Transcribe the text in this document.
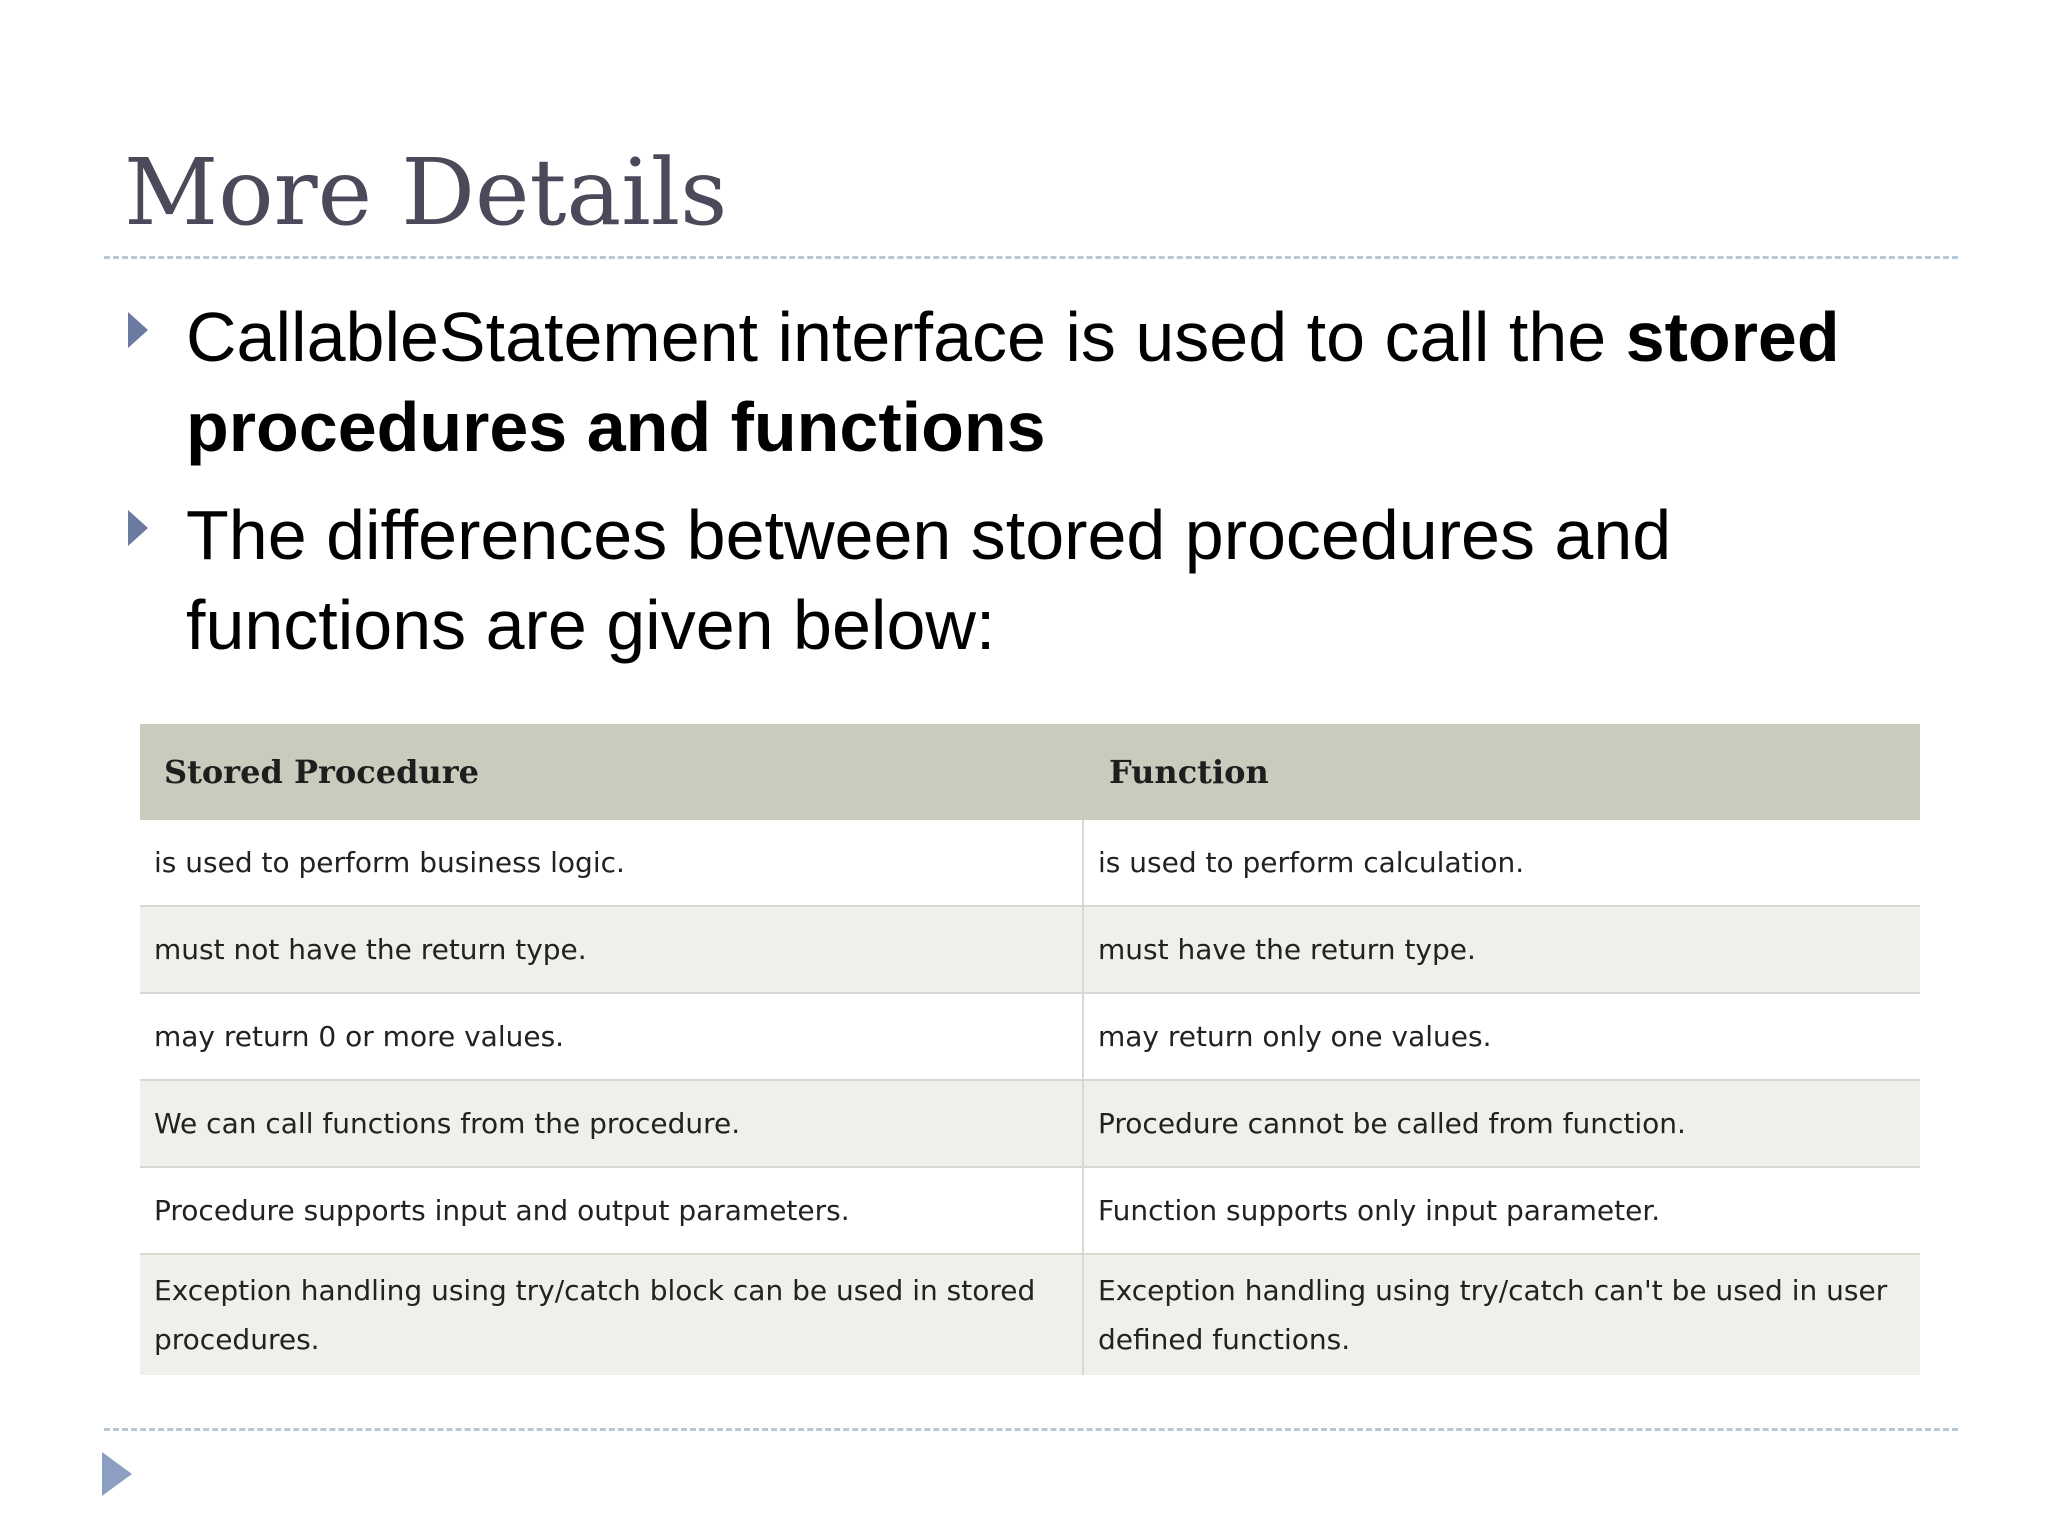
More Details
CallableStatement interface is used to call the stored procedures and functions
The differences between stored procedures and functions are given below:
Stored Procedure	Function
is used to perform business logic.	is used to perform calculation.
must not have the return type.	must have the return type.
may return 0 or more values.	may return only one values.
We can call functions from the procedure.	Procedure cannot be called from function.
Procedure supports input and output parameters.	Function supports only input parameter.
Exception handling using try/catch block can be used in stored procedures.	Exception handling using try/catch can't be used in user defined functions.
